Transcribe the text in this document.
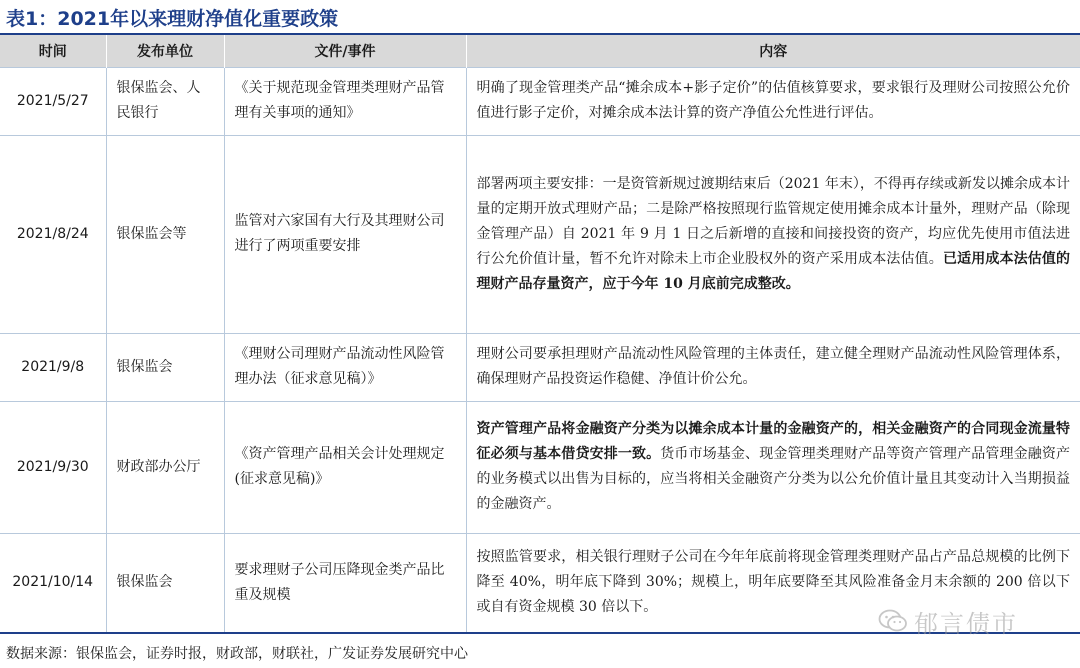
表1：2021年以来理财净值化重要政策
时间	发布单位	文件/事件	内容
2021/5/27	银保监会、人民银行	《关于规范现金管理类理财产品管理有关事项的通知》	明确了现金管理类产品“摊余成本+影子定价”的估值核算要求，要求银行及理财公司按照公允价值进行影子定价，对摊余成本法计算的资产净值公允性进行评估。
2021/8/24	银保监会等	监管对六家国有大行及其理财公司进行了两项重要安排	部署两项主要安排：一是资管新规过渡期结束后（2021 年末），不得再存续或新发以摊余成本计量的定期开放式理财产品；二是除严格按照现行监管规定使用摊余成本计量外，理财产品（除现金管理产品）自 2021 年 9 月 1 日之后新增的直接和间接投资的资产，均应优先使用市值法进行公允价值计量，暂不允许对除未上市企业股权外的资产采用成本法估值。已适用成本法估值的理财产品存量资产，应于今年 10 月底前完成整改。
2021/9/8	银保监会	《理财公司理财产品流动性风险管理办法（征求意见稿）》	理财公司要承担理财产品流动性风险管理的主体责任，建立健全理财产品流动性风险管理体系，确保理财产品投资运作稳健、净值计价公允。
2021/9/30	财政部办公厅	《资产管理产品相关会计处理规定(征求意见稿)》	资产管理产品将金融资产分类为以摊余成本计量的金融资产的，相关金融资产的合同现金流量特征必须与基本借贷安排一致。货币市场基金、现金管理类理财产品等资产管理产品管理金融资产的业务模式以出售为目标的，应当将相关金融资产分类为以公允价值计量且其变动计入当期损益的金融资产。
2021/10/14	银保监会	要求理财子公司压降现金类产品比重及规模	按照监管要求，相关银行理财子公司在今年年底前将现金管理类理财产品占产品总规模的比例下降至 40%，明年底下降到 30%；规模上，明年底要降至其风险准备金月末余额的 200 倍以下或自有资金规模 30 倍以下。
郁言债市
数据来源：银保监会，证券时报，财政部，财联社，广发证券发展研究中心
